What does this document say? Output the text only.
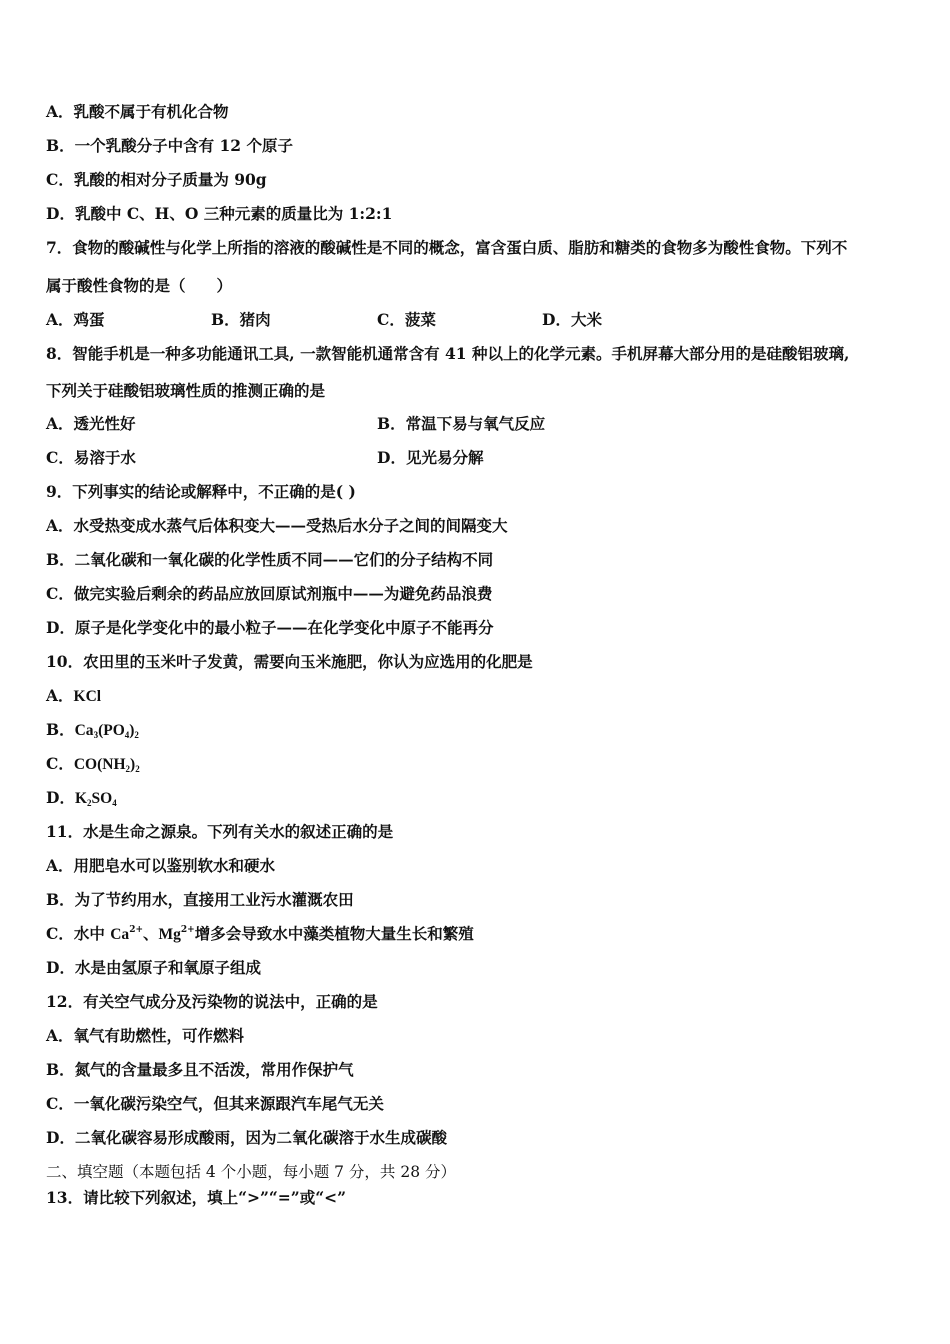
A．乳酸不属于有机化合物
B．一个乳酸分子中含有 12 个原子
C．乳酸的相对分子质量为 90g
D．乳酸中 C、H、O 三种元素的质量比为 1:2:1
7．食物的酸碱性与化学上所指的溶液的酸碱性是不同的概念，富含蛋白质、脂肪和糖类的食物多为酸性食物。下列不
属于酸性食物的是（　　）
A．鸡蛋	B．猪肉	C．菠菜	D．大米
8．智能手机是一种多功能通讯工具, 一款智能机通常含有 41 种以上的化学元素。手机屏幕大部分用的是硅酸铝玻璃,
下列关于硅酸铝玻璃性质的推测正确的是
A．透光性好	B．常温下易与氧气反应
C．易溶于水	D．见光易分解
9．下列事实的结论或解释中，不正确的是( )
A．水受热变成水蒸气后体积变大——受热后水分子之间的间隔变大
B．二氧化碳和一氧化碳的化学性质不同——它们的分子结构不同
C．做完实验后剩余的药品应放回原试剂瓶中——为避免药品浪费
D．原子是化学变化中的最小粒子——在化学变化中原子不能再分
10．农田里的玉米叶子发黄，需要向玉米施肥，你认为应选用的化肥是
A．KCl
B．$Ca_3(PO_4)_2$
C．$CO(NH_2)_2$
D．$K_2SO_4$
11．水是生命之源泉。下列有关水的叙述正确的是
A．用肥皂水可以鉴别软水和硬水
B．为了节约用水，直接用工业污水灌溉农田
C．水中 $Ca^{2+}$、$Mg^{2+}$增多会导致水中藻类植物大量生长和繁殖
D．水是由氢原子和氧原子组成
12．有关空气成分及污染物的说法中，正确的是
A．氧气有助燃性，可作燃料
B．氮气的含量最多且不活泼，常用作保护气
C．一氧化碳污染空气，但其来源跟汽车尾气无关
D．二氧化碳容易形成酸雨，因为二氧化碳溶于水生成碳酸
二、填空题（本题包括 4 个小题，每小题 7 分，共 28 分）
13．请比较下列叙述，填上“>”“=”或“<”
